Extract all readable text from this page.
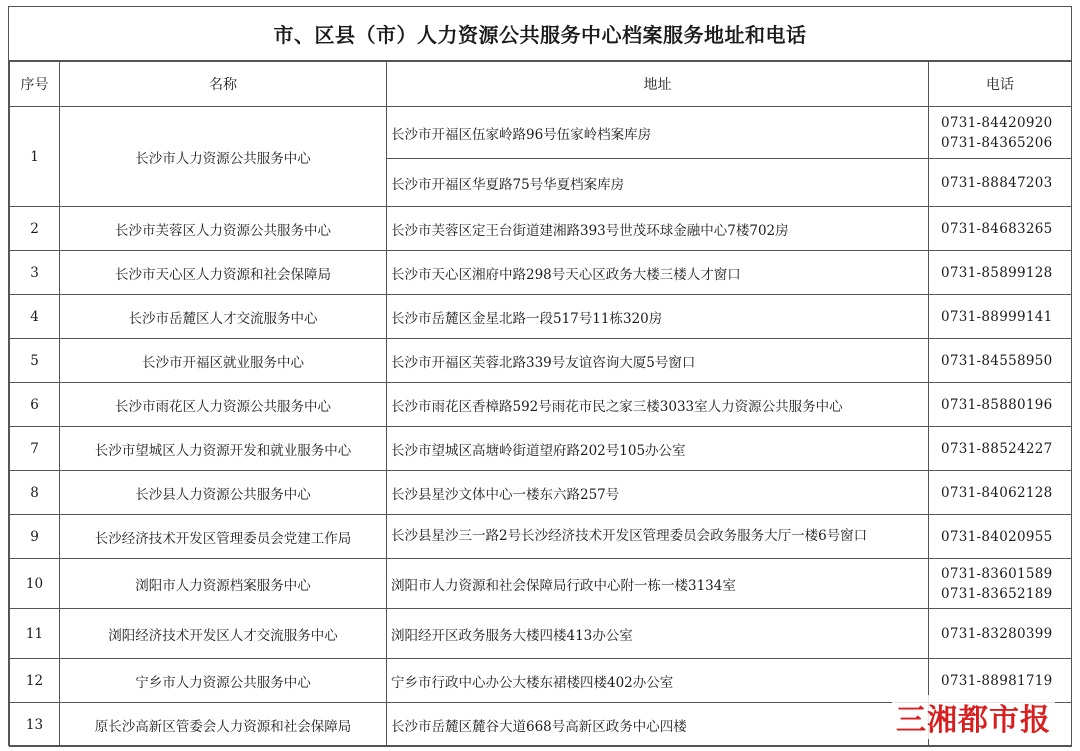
市、区县（市）人力资源公共服务中心档案服务地址和电话
序号	名称	地址	电话
1	长沙市人力资源公共服务中心	长沙市开福区伍家岭路96号伍家岭档案库房	0731-84420920
0731-84365206

		长沙市开福区华夏路75号华夏档案库房	0731-88847203

2	长沙市芙蓉区人力资源公共服务中心	长沙市芙蓉区定王台街道建湘路393号世茂环球金融中心7楼702房	0731-84683265

3	长沙市天心区人力资源和社会保障局	长沙市天心区湘府中路298号天心区政务大楼三楼人才窗口	0731-85899128

4	长沙市岳麓区人才交流服务中心	长沙市岳麓区金星北路一段517号11栋320房	0731-88999141

5	长沙市开福区就业服务中心	长沙市开福区芙蓉北路339号友谊咨询大厦5号窗口	0731-84558950

6	长沙市雨花区人力资源公共服务中心	长沙市雨花区香樟路592号雨花市民之家三楼3033室人力资源公共服务中心	0731-85880196

7	长沙市望城区人力资源开发和就业服务中心	长沙市望城区高塘岭街道望府路202号105办公室	0731-88524227

8	长沙县人力资源公共服务中心	长沙县星沙文体中心一楼东六路257号	0731-84062128

9	长沙经济技术开发区管理委员会党建工作局	长沙县星沙三一路2号长沙经济技术开发区管理委员会政务服务大厅一楼6号窗口	0731-84020955

10	浏阳市人力资源档案服务中心	浏阳市人力资源和社会保障局行政中心附一栋一楼3134室	0731-83601589
0731-83652189

11	浏阳经济技术开发区人才交流服务中心	浏阳经开区政务服务大楼四楼413办公室	0731-83280399

12	宁乡市人力资源公共服务中心	宁乡市行政中心办公大楼东裙楼四楼402办公室	0731-88981719

13	原长沙高新区管委会人力资源和社会保障局	长沙市岳麓区麓谷大道668号高新区政务中心四楼		三湘都市报
